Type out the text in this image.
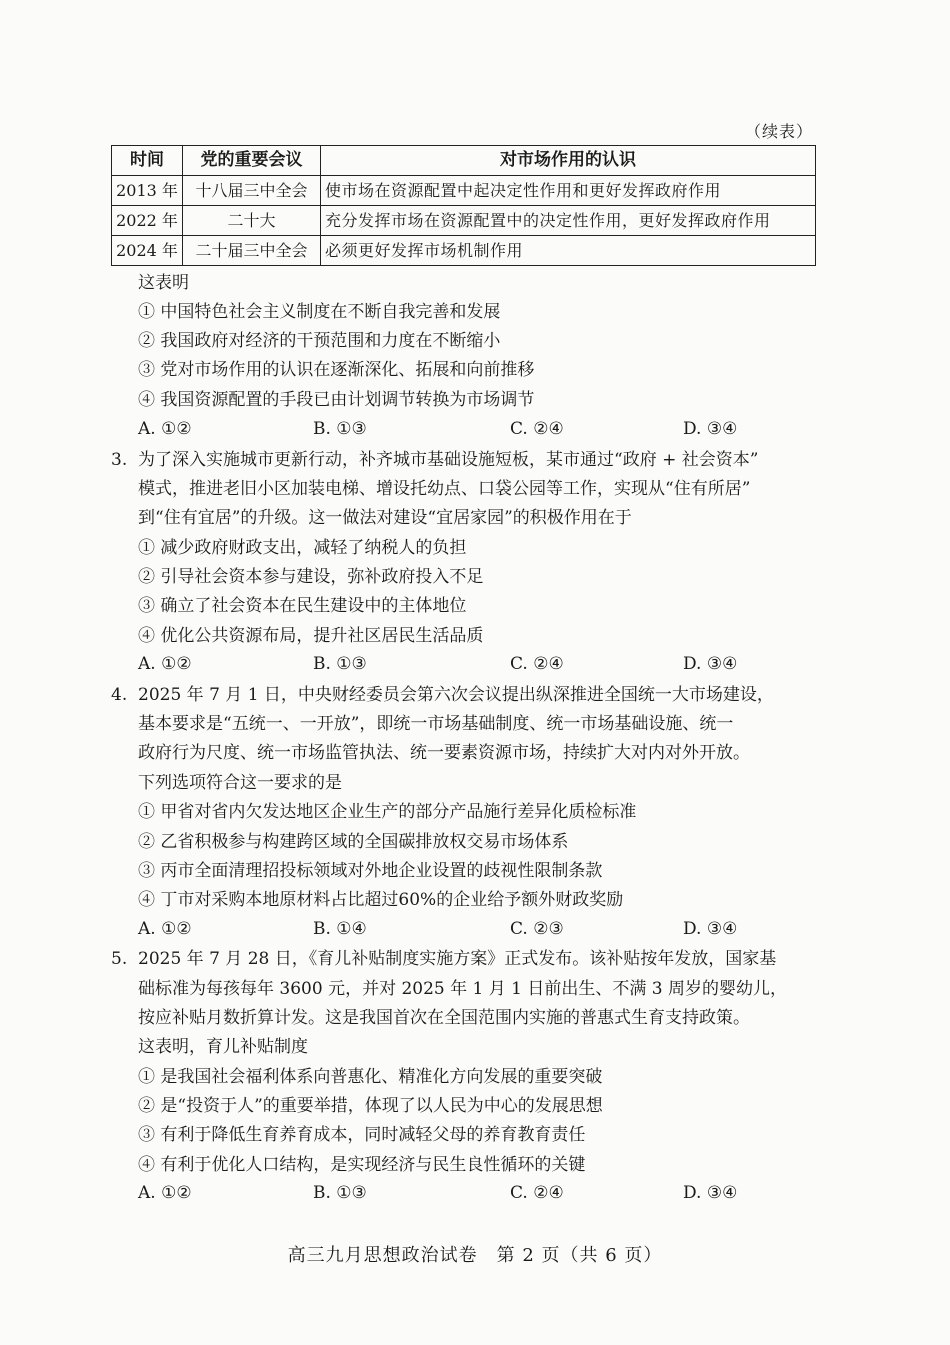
（续表）
时间	党的重要会议	对市场作用的认识
2013 年	十八届三中全会	使市场在资源配置中起决定性作用和更好发挥政府作用
2022 年	二十大	充分发挥市场在资源配置中的决定性作用，更好发挥政府作用
2024 年	二十届三中全会	必须更好发挥市场机制作用
这表明
① 中国特色社会主义制度在不断自我完善和发展
② 我国政府对经济的干预范围和力度在不断缩小
③ 党对市场作用的认识在逐渐深化、拓展和向前推移
④ 我国资源配置的手段已由计划调节转换为市场调节
A. ①②	B. ①③	C. ②④	D. ③④
3. 为了深入实施城市更新行动，补齐城市基础设施短板，某市通过“政府 + 社会资本”
模式，推进老旧小区加装电梯、增设托幼点、口袋公园等工作，实现从“住有所居”
到“住有宜居”的升级。这一做法对建设“宜居家园”的积极作用在于
① 减少政府财政支出，减轻了纳税人的负担
② 引导社会资本参与建设，弥补政府投入不足
③ 确立了社会资本在民生建设中的主体地位
④ 优化公共资源布局，提升社区居民生活品质
A. ①②	B. ①③	C. ②④	D. ③④
4. 2025 年 7 月 1 日，中央财经委员会第六次会议提出纵深推进全国统一大市场建设，
基本要求是“五统一、一开放”，即统一市场基础制度、统一市场基础设施、统一
政府行为尺度、统一市场监管执法、统一要素资源市场，持续扩大对内对外开放。
下列选项符合这一要求的是
① 甲省对省内欠发达地区企业生产的部分产品施行差异化质检标准
② 乙省积极参与构建跨区域的全国碳排放权交易市场体系
③ 丙市全面清理招投标领域对外地企业设置的歧视性限制条款
④ 丁市对采购本地原材料占比超过60%的企业给予额外财政奖励
A. ①②	B. ①④	C. ②③	D. ③④
5. 2025 年 7 月 28 日，《育儿补贴制度实施方案》正式发布。该补贴按年发放，国家基
础标准为每孩每年 3600 元，并对 2025 年 1 月 1 日前出生、不满 3 周岁的婴幼儿，
按应补贴月数折算计发。这是我国首次在全国范围内实施的普惠式生育支持政策。
这表明，育儿补贴制度
① 是我国社会福利体系向普惠化、精准化方向发展的重要突破
② 是“投资于人”的重要举措，体现了以人民为中心的发展思想
③ 有利于降低生育养育成本，同时减轻父母的养育教育责任
④ 有利于优化人口结构，是实现经济与民生良性循环的关键
A. ①②	B. ①③	C. ②④	D. ③④
高三九月思想政治试卷　第 2 页（共 6 页）
